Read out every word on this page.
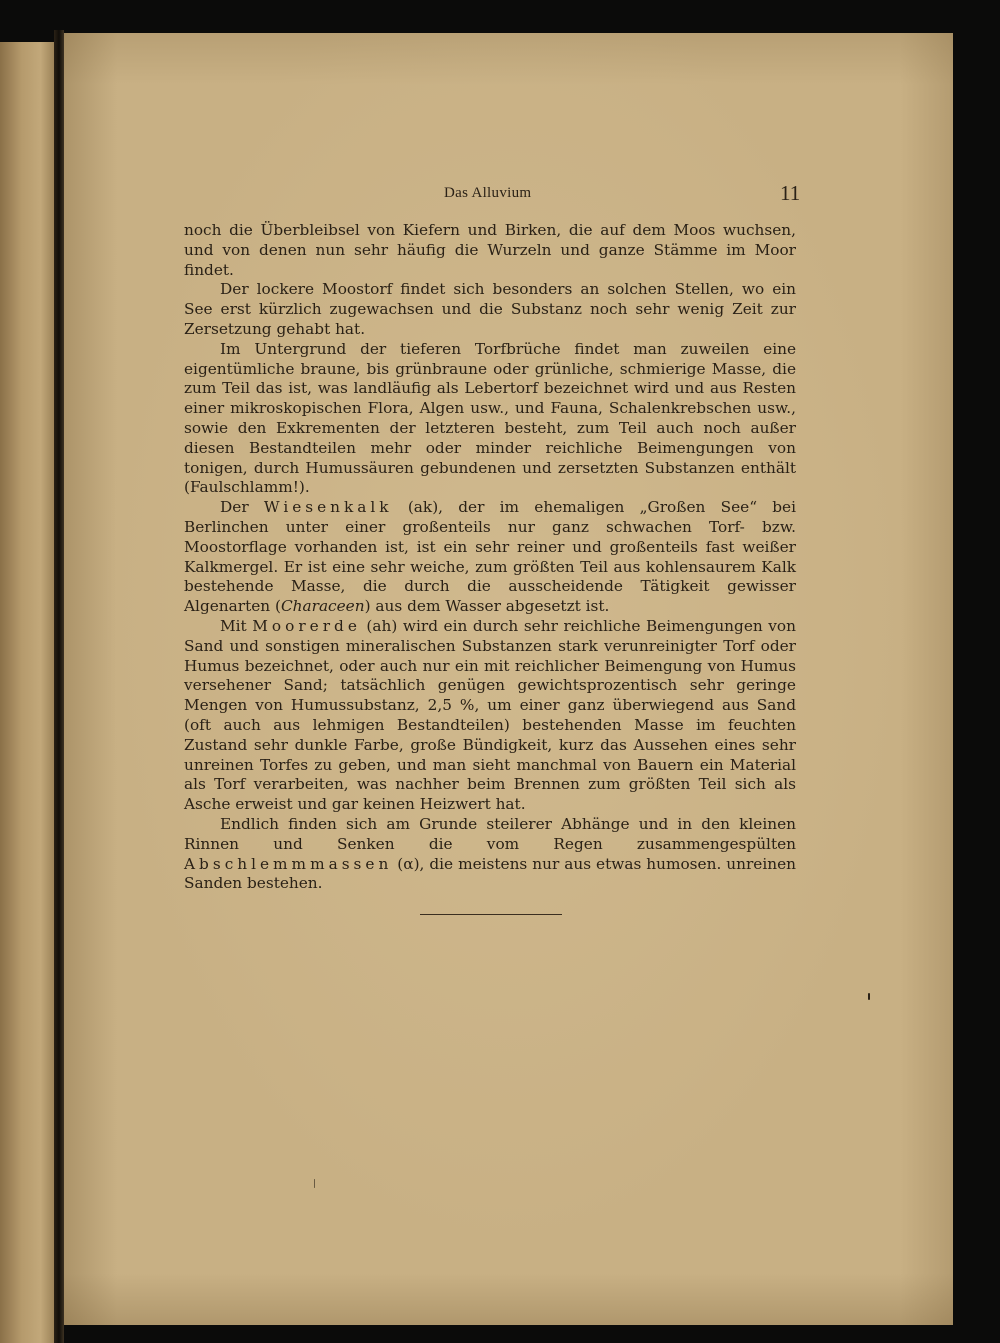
Das Alluvium	11

noch die Überbleibsel von Kiefern und Birken, die auf dem Moos wuchsen, und von denen nun sehr häufig die Wurzeln und ganze Stämme im Moor findet.

Der lockere Moostorf findet sich besonders an solchen Stellen, wo ein See erst kürzlich zugewachsen und die Substanz noch sehr wenig Zeit zur Zersetzung gehabt hat.

Im Untergrund der tieferen Torfbrüche findet man zuweilen eine eigentümliche braune, bis grünbraune oder grünliche, schmierige Masse, die zum Teil das ist, was landläufig als Lebertorf bezeichnet wird und aus Resten einer mikroskopischen Flora, Algen usw., und Fauna, Schalenkrebschen usw., sowie den Exkrementen der letzteren besteht, zum Teil auch noch außer diesen Bestandteilen mehr oder minder reichliche Beimengungen von tonigen, durch Humussäuren gebundenen und zersetzten Substanzen enthält (Faulschlamm!).

Der Wiesenkalk (ak), der im ehemaligen „Großen See“ bei Berlinchen unter einer großenteils nur ganz schwachen Torf- bzw. Moostorflage vorhanden ist, ist ein sehr reiner und großenteils fast weißer Kalkmergel. Er ist eine sehr weiche, zum größten Teil aus kohlensaurem Kalk bestehende Masse, die durch die ausscheidende Tätigkeit gewisser Algenarten (Characeen) aus dem Wasser abgesetzt ist.

Mit Moorerde (ah) wird ein durch sehr reichliche Beimengungen von Sand und sonstigen mineralischen Substanzen stark verunreinigter Torf oder Humus bezeichnet, oder auch nur ein mit reichlicher Beimengung von Humus versehener Sand; tatsächlich genügen gewichtsprozentisch sehr geringe Mengen von Humussubstanz, 2,5 %, um einer ganz überwiegend aus Sand (oft auch aus lehmigen Bestandteilen) bestehenden Masse im feuchten Zustand sehr dunkle Farbe, große Bündigkeit, kurz das Aussehen eines sehr unreinen Torfes zu geben, und man sieht manchmal von Bauern ein Material als Torf verarbeiten, was nachher beim Brennen zum größten Teil sich als Asche erweist und gar keinen Heizwert hat.

Endlich finden sich am Grunde steilerer Abhänge und in den kleinen Rinnen und Senken die vom Regen zusammengespülten Abschlemmmassen (α), die meistens nur aus etwas humosen. unreinen Sanden bestehen.
